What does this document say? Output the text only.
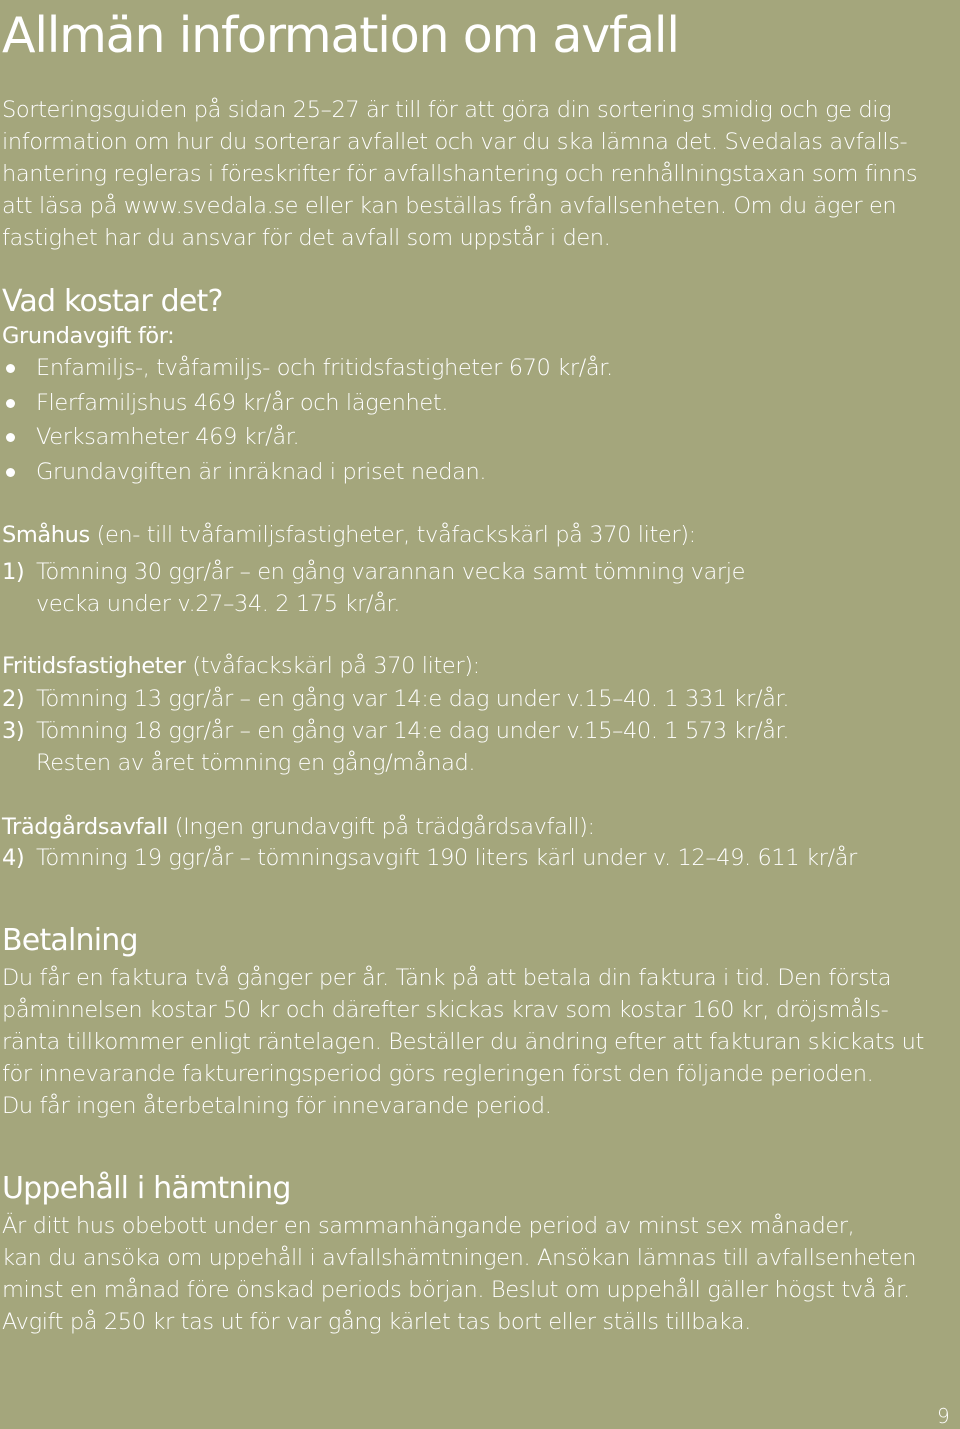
Allmän information om avfall

Sorteringsguiden på sidan 25–27 är till för att göra din sortering smidig och ge dig
information om hur du sorterar avfallet och var du ska lämna det. Svedalas avfalls-
hantering regleras i föreskrifter för avfallshantering och renhållningstaxan som finns
att läsa på www.svedala.se eller kan beställas från avfallsenheten. Om du äger en
fastighet har du ansvar för det avfall som uppstår i den.

Vad kostar det?
Grundavgift för:
Enfamiljs-, tvåfamiljs- och fritidsfastigheter 670 kr/år.
Flerfamiljshus 469 kr/år och lägenhet.
Verksamheter 469 kr/år.
Grundavgiften är inräknad i priset nedan.

Småhus (en- till tvåfamiljsfastigheter, tvåfackskärl på 370 liter):

1) Tömning 30 ggr/år – en gång varannan vecka samt tömning varje
vecka under v.27–34. 2 175 kr/år.

Fritidsfastigheter (tvåfackskärl på 370 liter):

2) Tömning 13 ggr/år – en gång var 14:e dag under v.15–40. 1 331 kr/år.
3) Tömning 18 ggr/år – en gång var 14:e dag under v.15–40. 1 573 kr/år.
Resten av året tömning en gång/månad.

Trädgårdsavfall (Ingen grundavgift på trädgårdsavfall):

4) Tömning 19 ggr/år – tömningsavgift 190 liters kärl under v. 12–49. 611 kr/år
Betalning

Du får en faktura två gånger per år. Tänk på att betala din faktura i tid. Den första
påminnelsen kostar 50 kr och därefter skickas krav som kostar 160 kr, dröjsmåls-
ränta tillkommer enligt räntelagen. Beställer du ändring efter att fakturan skickats ut
för innevarande faktureringsperiod görs regleringen först den följande perioden.
Du får ingen återbetalning för innevarande period.

Uppehåll i hämtning

Är ditt hus obebott under en sammanhängande period av minst sex månader,
kan du ansöka om uppehåll i avfallshämtningen. Ansökan lämnas till avfallsenheten
minst en månad före önskad periods början. Beslut om uppehåll gäller högst två år.
Avgift på 250 kr tas ut för var gång kärlet tas bort eller ställs tillbaka.

9
